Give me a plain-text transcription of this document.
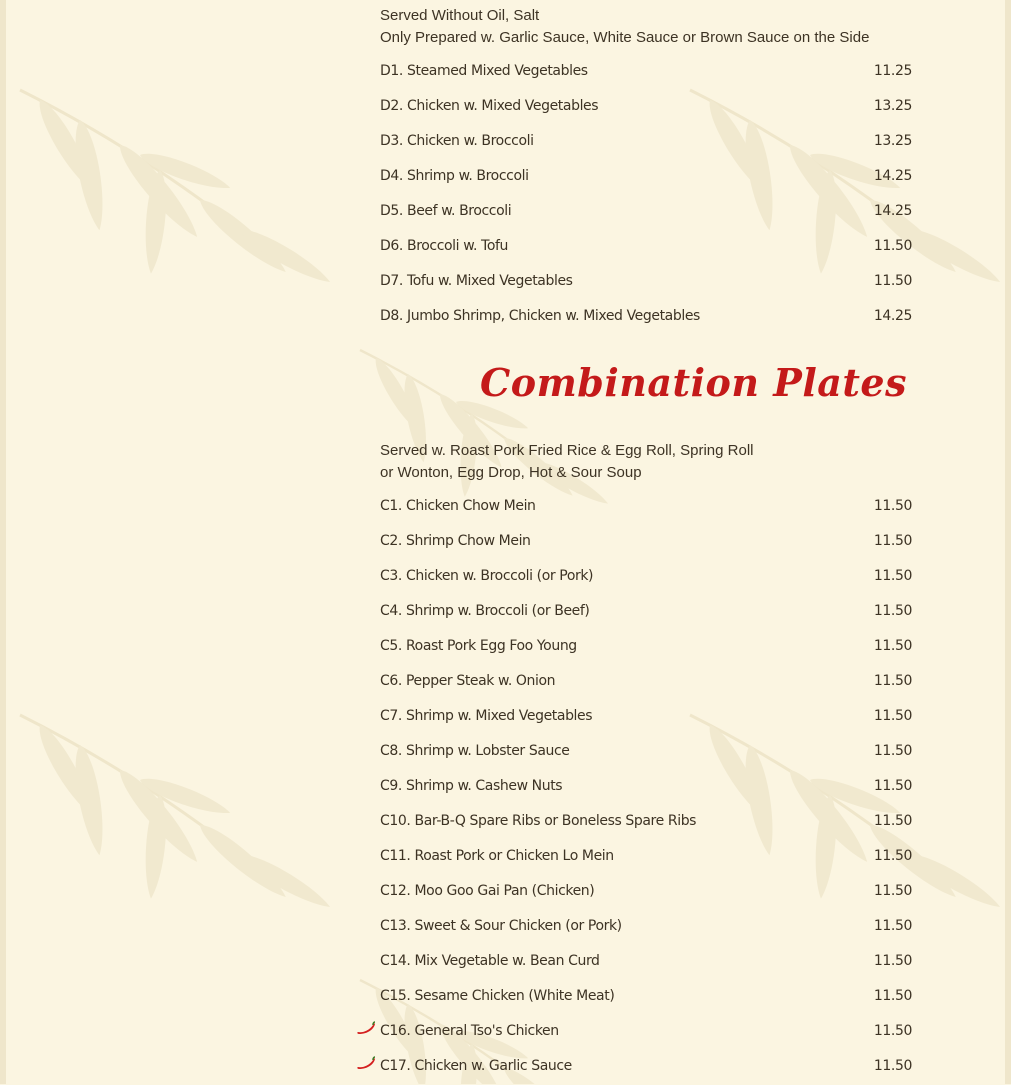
Served Without Oil, Salt
Only Prepared w. Garlic Sauce, White Sauce or Brown Sauce on the Side
D1. Steamed Mixed Vegetables	11.25
D2. Chicken w. Mixed Vegetables	13.25
D3. Chicken w. Broccoli	13.25
D4. Shrimp w. Broccoli	14.25
D5. Beef w. Broccoli	14.25
D6. Broccoli w. Tofu	11.50
D7. Tofu w. Mixed Vegetables	11.50
D8. Jumbo Shrimp, Chicken w. Mixed Vegetables	14.25
Combination Plates
Served w. Roast Pork Fried Rice & Egg Roll, Spring Roll
or Wonton, Egg Drop, Hot & Sour Soup
C1. Chicken Chow Mein	11.50
C2. Shrimp Chow Mein	11.50
C3. Chicken w. Broccoli (or Pork)	11.50
C4. Shrimp w. Broccoli (or Beef)	11.50
C5. Roast Pork Egg Foo Young	11.50
C6. Pepper Steak w. Onion	11.50
C7. Shrimp w. Mixed Vegetables	11.50
C8. Shrimp w. Lobster Sauce	11.50
C9. Shrimp w. Cashew Nuts	11.50
C10. Bar-B-Q Spare Ribs or Boneless Spare Ribs	11.50
C11. Roast Pork or Chicken Lo Mein	11.50
C12. Moo Goo Gai Pan (Chicken)	11.50
C13. Sweet & Sour Chicken (or Pork)	11.50
C14. Mix Vegetable w. Bean Curd	11.50
C15. Sesame Chicken (White Meat)	11.50
C16. General Tso's Chicken	11.50
C17. Chicken w. Garlic Sauce	11.50
